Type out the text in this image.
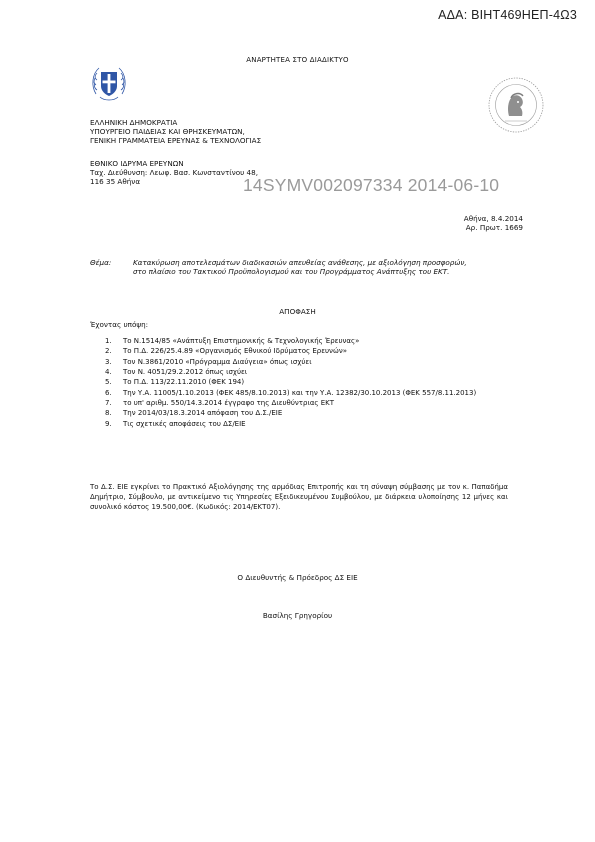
ΑΔΑ: ΒΙΗΤ469ΗΕΠ-4Ω3
ΑΝΑΡΤΗΤΕΑ ΣΤΟ ΔΙΑΔΙΚΤΥΟ
ΕΛΛΗΝΙΚΗ ΔΗΜΟΚΡΑΤΙΑ
ΥΠΟΥΡΓΕΙΟ ΠΑΙΔΕΙΑΣ ΚΑΙ ΘΡΗΣΚΕΥΜΑΤΩΝ,
ΓΕΝΙΚΗ ΓΡΑΜΜΑΤΕΙΑ ΕΡΕΥΝΑΣ & ΤΕΧΝΟΛΟΓΙΑΣ
ΕΘΝΙΚΟ ΙΔΡΥΜΑ ΕΡΕΥΝΩΝ
Ταχ. Διεύθυνση: Λεωφ. Βασ. Κωνσταντίνου 48,
116 35 Αθήνα	14SYMV002097334 2014-06-10
Αθήνα, 8.4.2014
Αρ. Πρωτ. 1669
Θέμα:	Κατακύρωση αποτελεσμάτων διαδικασιών απευθείας ανάθεσης, με αξιολόγηση προσφορών,
στο πλαίσιο του Τακτικού Προϋπολογισμού και του Προγράμματος Ανάπτυξης του ΕΚΤ.
ΑΠΟΦΑΣΗ
Έχοντας υπόψη:
1. Το Ν.1514/85 «Ανάπτυξη Επιστημονικής & Τεχνολογικής Έρευνας»
2. Το Π.Δ. 226/25.4.89 «Οργανισμός Εθνικού Ιδρύματος Ερευνών»
3. Τον Ν.3861/2010 «Πρόγραμμα Διαύγεια» όπως ισχύει
4. Τον Ν. 4051/29.2.2012 όπως ισχύει
5. Το Π.Δ. 113/22.11.2010 (ΦΕΚ 194)
6. Την Υ.Α. 11005/1.10.2013 (ΦΕΚ 485/8.10.2013) και την Υ.Α. 12382/30.10.2013 (ΦΕΚ 557/8.11.2013)
7. το υπ' αριθμ. 550/14.3.2014 έγγραφο της Διευθύντριας ΕΚΤ
8. Την 2014/03/18.3.2014 απόφαση του Δ.Σ./ΕΙΕ
9. Τις σχετικές αποφάσεις του ΔΣ/ΕΙΕ
Το Δ.Σ. ΕΙΕ εγκρίνει το Πρακτικό Αξιολόγησης της αρμόδιας Επιτροπής και τη σύναψη σύμβασης με τον κ. Παπαδήμα Δημήτριο, Σύμβουλο, με αντικείμενο τις Υπηρεσίες Εξειδικευμένου Συμβούλου, με διάρκεια υλοποίησης 12 μήνες και συνολικό κόστος 19.500,00€. (Κωδικός: 2014/ΕΚΤ07).
Ο Διευθυντής & Πρόεδρος ΔΣ ΕΙΕ
Βασίλης Γρηγορίου
